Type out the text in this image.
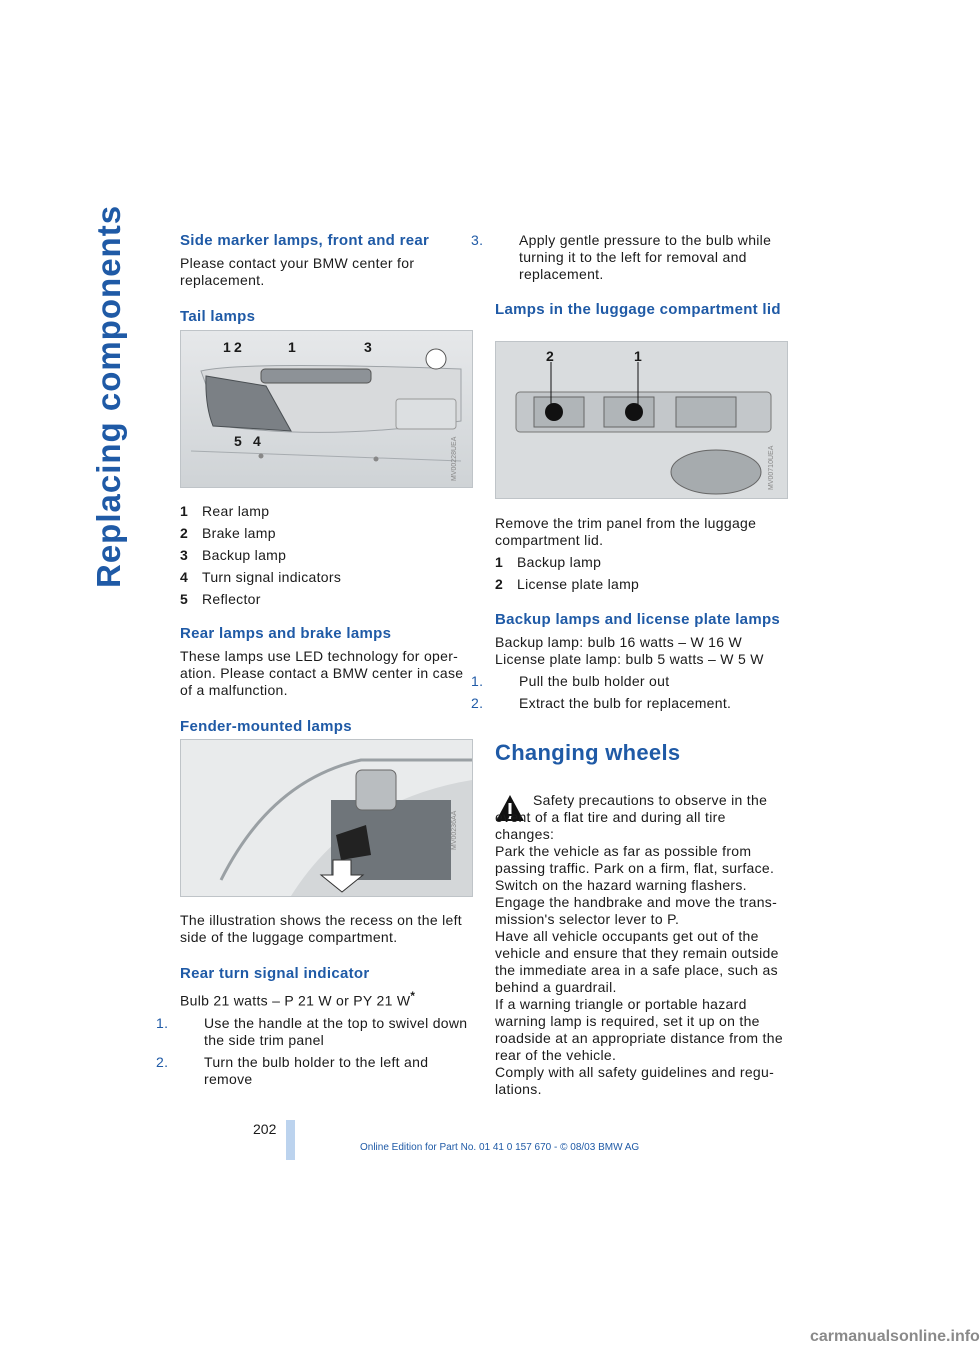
Replacing components	Side marker lamps, front and rear

Please contact your BMW center for replacement.

Tail lamps
1 2	1	3
5 4	MV00228UEA

1 Rear lamp

2 Brake lamp

3 Backup lamp

4 Turn signal indicators

5 Reflector

Rear lamps and brake lamps

These lamps use LED technology for oper-ation. Please contact a BMW center in case of a malfunction.

Fender-mounted lamps
MV00236AA

The illustration shows the recess on the left side of the luggage compartment.

Rear turn signal indicator

Bulb 21 watts – P 21 W or PY 21 W*

1.	Use the handle at the top to swivel down the side trim panel

2.	Turn the bulb holder to the left and remove

3.	Apply gentle pressure to the bulb while turning it to the left for removal and replacement.

Lamps in the luggage compartment lid
2	1
MV00710UEA

Remove the trim panel from the luggage compartment lid.

1 Backup lamp

2 License plate lamp

Backup lamps and license plate lamps

Backup lamp: bulb 16 watts – W 16 W

License plate lamp: bulb 5 watts – W 5 W

1.	Pull the bulb holder out

2.	Extract the bulb for replacement.

Changing wheels

Safety precautions to observe in the event of a flat tire and during all tire changes:

Park the vehicle as far as possible from passing traffic. Park on a firm, flat, surface.

Switch on the hazard warning flashers.

Engage the handbrake and move the trans-mission's selector lever to P.

Have all vehicle occupants get out of the vehicle and ensure that they remain outside the immediate area in a safe place, such as behind a guardrail.

If a warning triangle or portable hazard warning lamp is required, set it up on the roadside at an appropriate distance from the rear of the vehicle.

Comply with all safety guidelines and regu-lations.

202
Online Edition for Part No. 01 41 0 157 670 - © 08/03 BMW AG
carmanualsonline.info
